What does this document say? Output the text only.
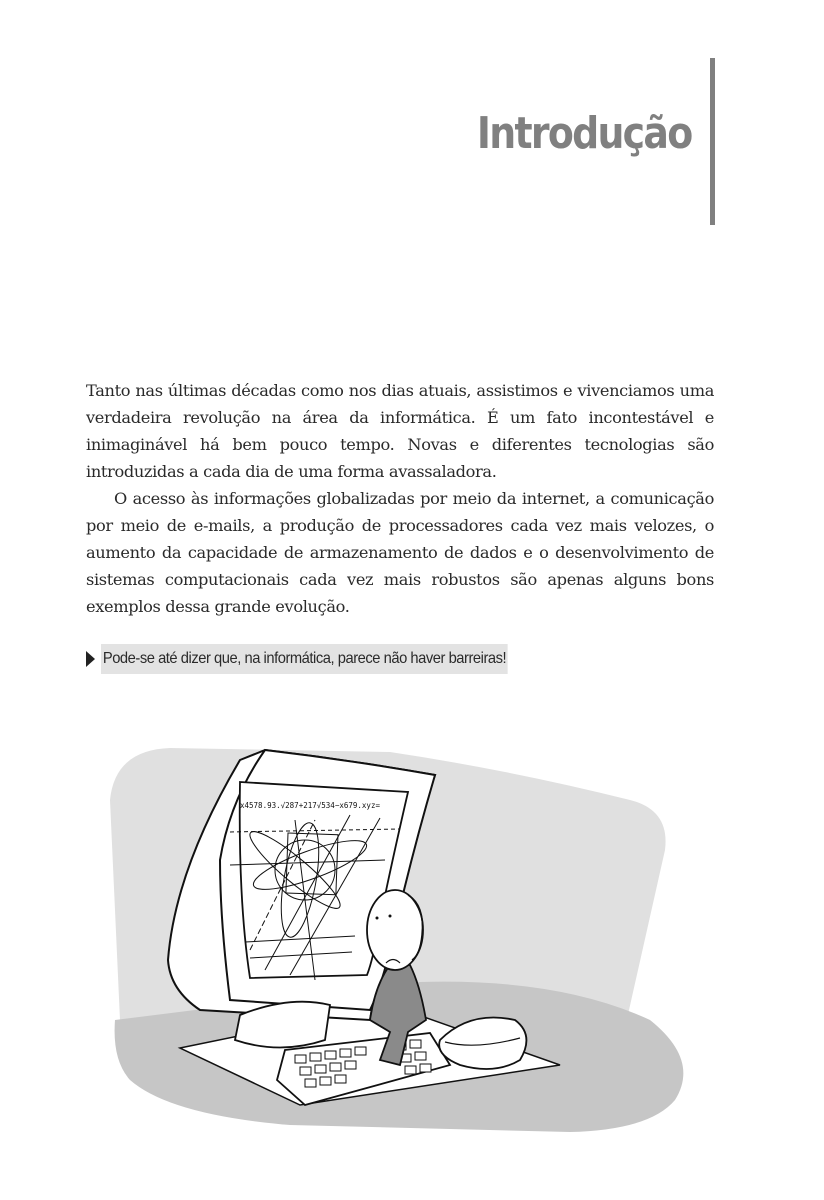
Introdução

Tanto nas últimas décadas como nos dias atuais, assistimos e vivenciamos uma verdadeira revolução na área da informática. É um fato incontestável e inimaginável há bem pouco tempo. Novas e diferentes tecnologias são introduzidas a cada dia de uma forma avassaladora.

O acesso às informações globalizadas por meio da internet, a comunicação por meio de e-mails, a produção de processadores cada vez mais velozes, o aumento da capacidade de armazenamento de dados e o desenvolvimento de sistemas computacionais cada vez mais robustos são apenas alguns bons exemplos dessa grande evolução.

Pode-se até dizer que, na informática, parece não haver barreiras!
x4578.93.√287+217√534−x679.xyz=
